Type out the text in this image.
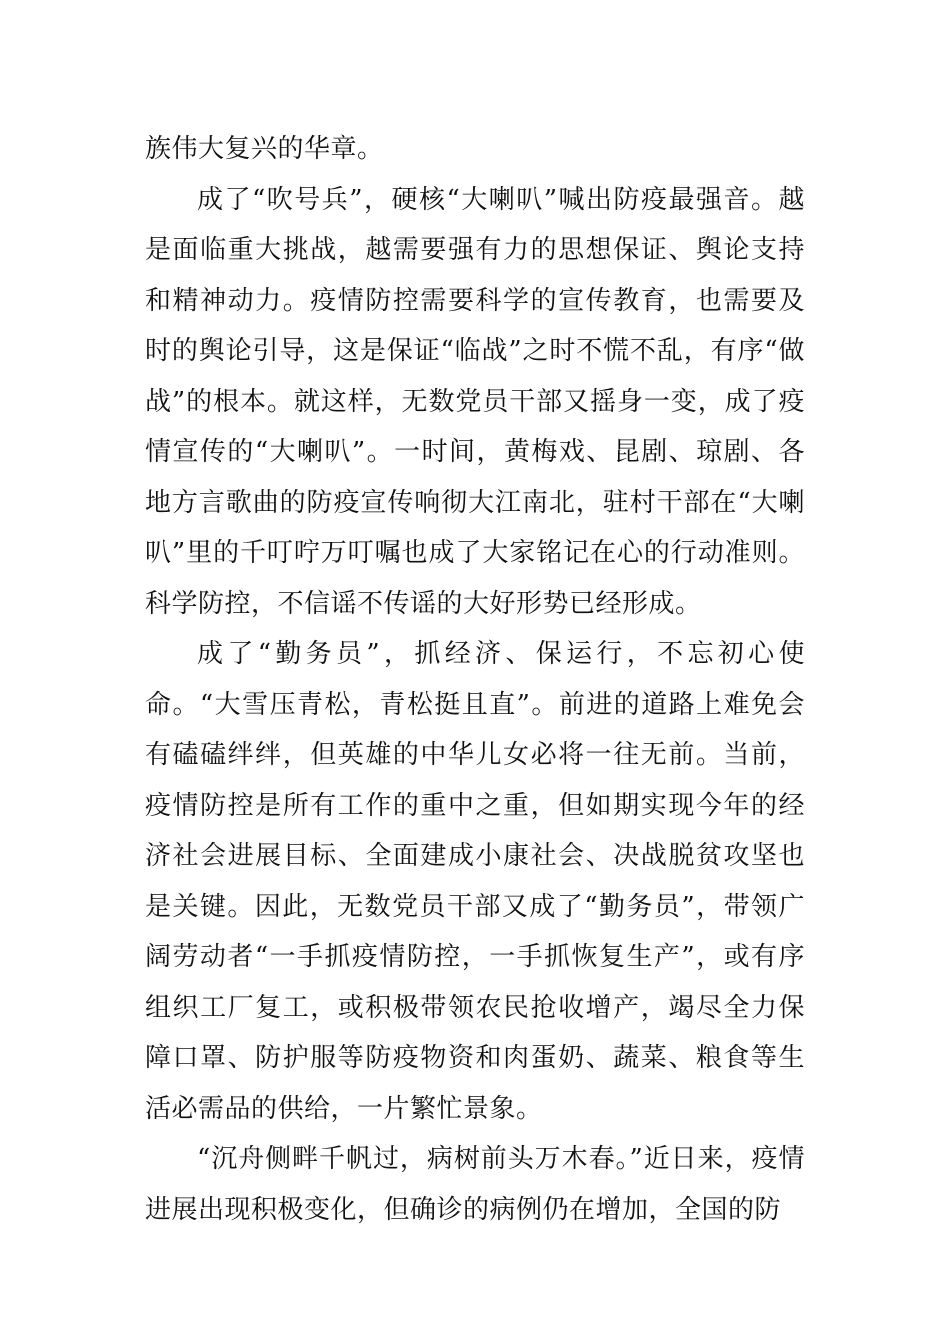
族伟大复兴的华章。

成了“吹号兵”，硬核“大喇叭”喊出防疫最强音。越是面临重大挑战，越需要强有力的思想保证、舆论支持和精神动力。疫情防控需要科学的宣传教育，也需要及时的舆论引导，这是保证“临战”之时不慌不乱，有序“做战”的根本。就这样，无数党员干部又摇身一变，成了疫情宣传的“大喇叭”。一时间，黄梅戏、昆剧、琼剧、各地方言歌曲的防疫宣传响彻大江南北，驻村干部在“大喇叭”里的千叮咛万叮嘱也成了大家铭记在心的行动准则。科学防控，不信谣不传谣的大好形势已经形成。

成了“勤务员”，抓经济、保运行，不忘初心使命。“大雪压青松，青松挺且直”。前进的道路上难免会有磕磕绊绊，但英雄的中华儿女必将一往无前。当前，疫情防控是所有工作的重中之重，但如期实现今年的经济社会进展目标、全面建成小康社会、决战脱贫攻坚也是关键。因此，无数党员干部又成了“勤务员”，带领广阔劳动者“一手抓疫情防控，一手抓恢复生产”，或有序组织工厂复工，或积极带领农民抢收增产，竭尽全力保障口罩、防护服等防疫物资和肉蛋奶、蔬菜、粮食等生活必需品的供给，一片繁忙景象。

“沉舟侧畔千帆过，病树前头万木春。”近日来，疫情进展出现积极变化，但确诊的病例仍在增加，全国的防
